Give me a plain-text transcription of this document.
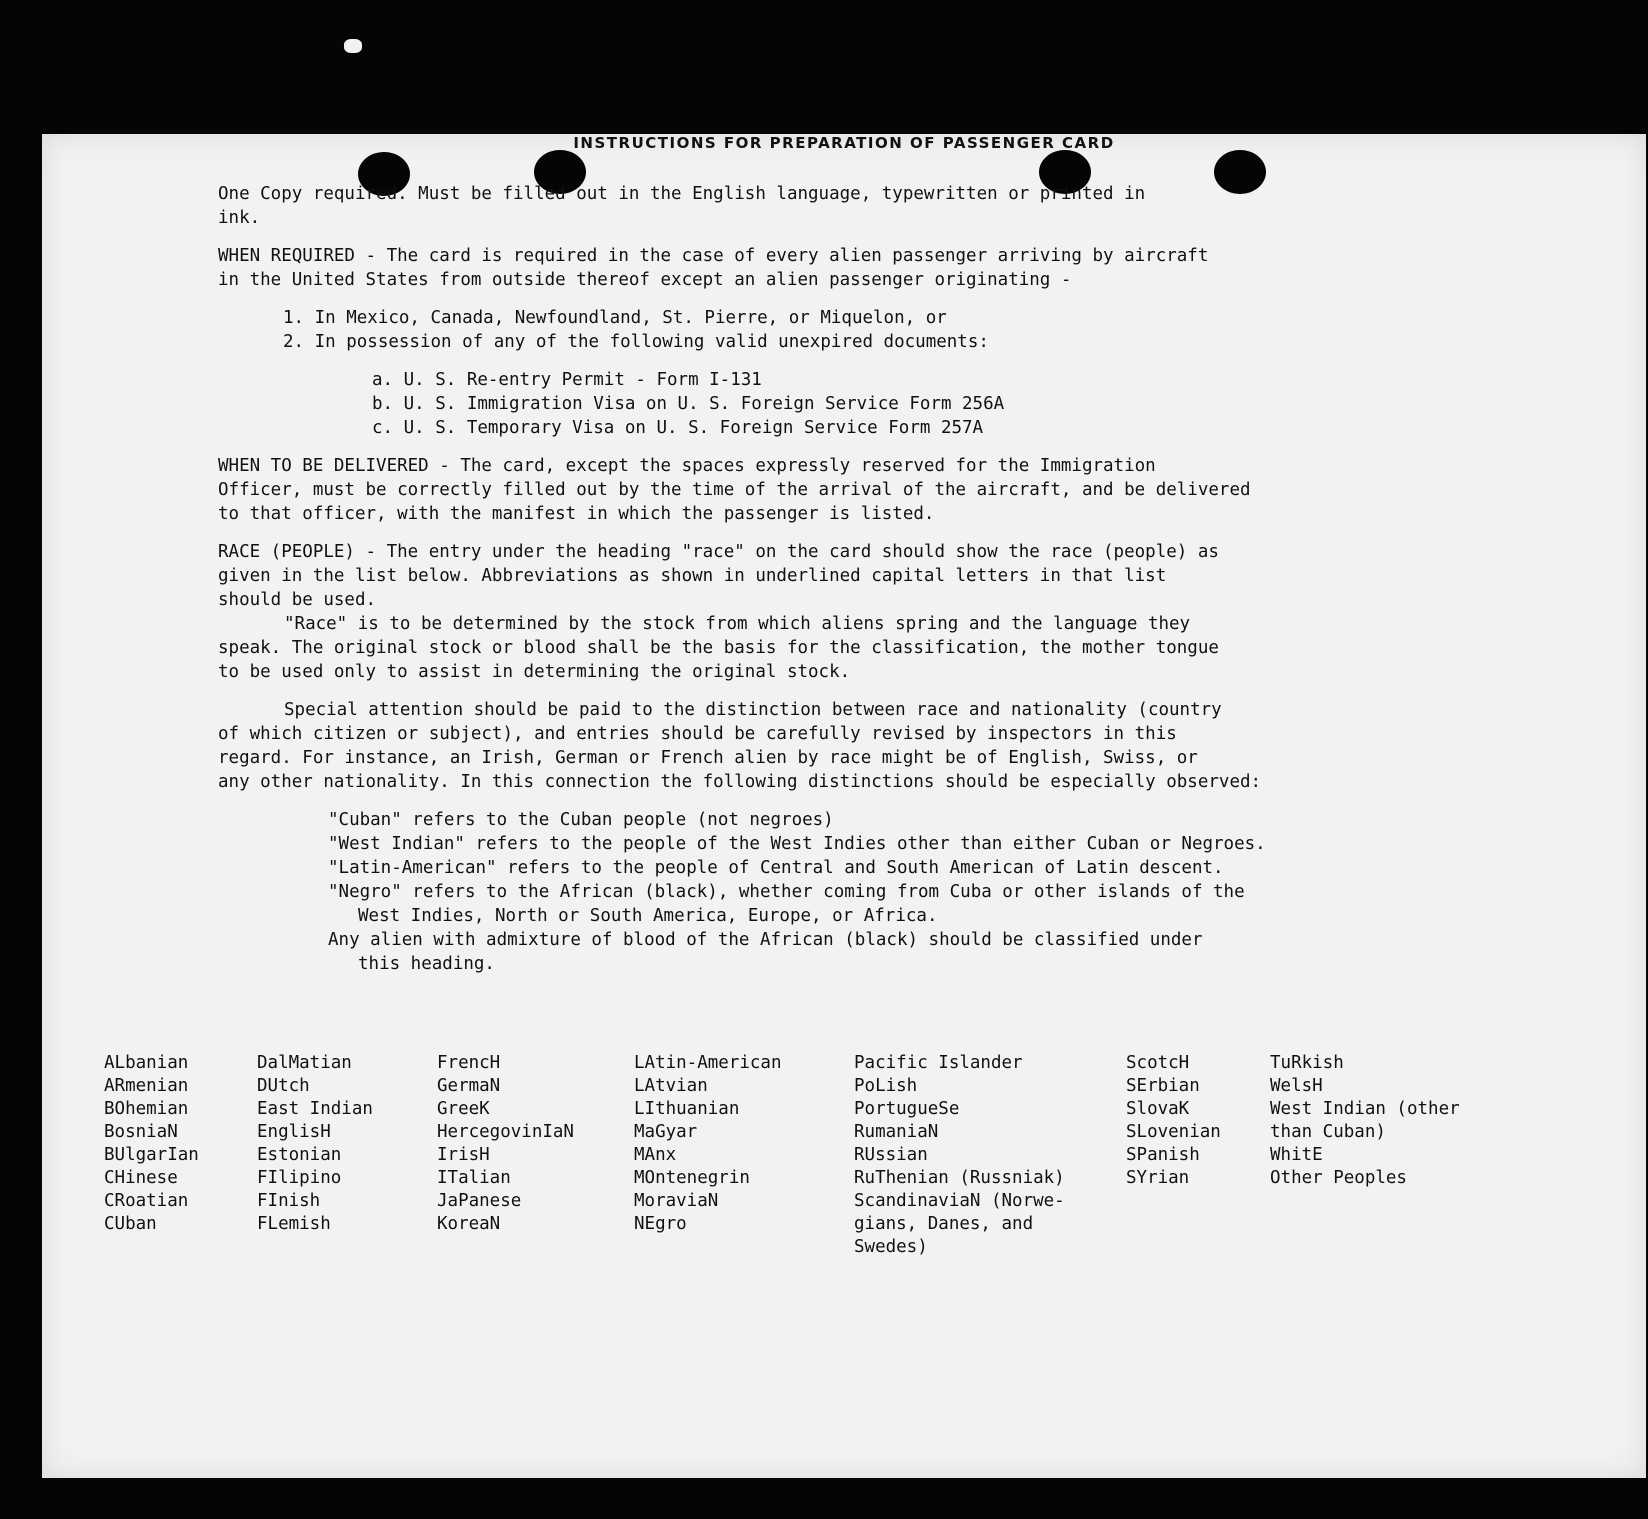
INSTRUCTIONS FOR PREPARATION OF PASSENGER CARD

One Copy required. Must be filled out in the English language, typewritten or printed in

ink.

WHEN REQUIRED - The card is required in the case of every alien passenger arriving by aircraft

in the United States from outside thereof except an alien passenger originating -

1. In Mexico, Canada, Newfoundland, St. Pierre, or Miquelon, or

2. In possession of any of the following valid unexpired documents:

a. U. S. Re-entry Permit - Form I-131

b. U. S. Immigration Visa on U. S. Foreign Service Form 256A

c. U. S. Temporary Visa on U. S. Foreign Service Form 257A

WHEN TO BE DELIVERED - The card, except the spaces expressly reserved for the Immigration

Officer, must be correctly filled out by the time of the arrival of the aircraft, and be delivered

to that officer, with the manifest in which the passenger is listed.

RACE (PEOPLE) - The entry under the heading "race" on the card should show the race (people) as

given in the list below. Abbreviations as shown in underlined capital letters in that list

should be used.

"Race" is to be determined by the stock from which aliens spring and the language they

speak. The original stock or blood shall be the basis for the classification, the mother tongue

to be used only to assist in determining the original stock.

Special attention should be paid to the distinction between race and nationality (country

of which citizen or subject), and entries should be carefully revised by inspectors in this

regard. For instance, an Irish, German or French alien by race might be of English, Swiss, or

any other nationality. In this connection the following distinctions should be especially observed:

"Cuban" refers to the Cuban people (not negroes)

"West Indian" refers to the people of the West Indies other than either Cuban or Negroes.

"Latin-American" refers to the people of Central and South American of Latin descent.

"Negro" refers to the African (black), whether coming from Cuba or other islands of the

West Indies, North or South America, Europe, or Africa.

Any alien with admixture of blood of the African (black) should be classified under

this heading.

ALbanian
ARmenian
BOhemian
BosniaN
BUlgarIan
CHinese
CRoatian
CUban
DalMatian
DUtch
East Indian
EnglisH
Estonian
FIlipino
FInish
FLemish
FrencH
GermaN
GreeK
HercegovinIaN
IrisH
ITalian
JaPanese
KoreaN
LAtin-American
LAtvian
LIthuanian
MaGyar
MAnx
MOntenegrin
MoraviaN
NEgro
Pacific Islander
PoLish
PortugueSe
RumaniaN
RUssian
RuThenian (Russniak)
ScandinaviaN (Norwe-
gians, Danes, and
Swedes)
ScotcH
SErbian
SlovaK
SLovenian
SPanish
SYrian
TuRkish
WelsH
West Indian (other
than Cuban)
WhitE
Other Peoples
